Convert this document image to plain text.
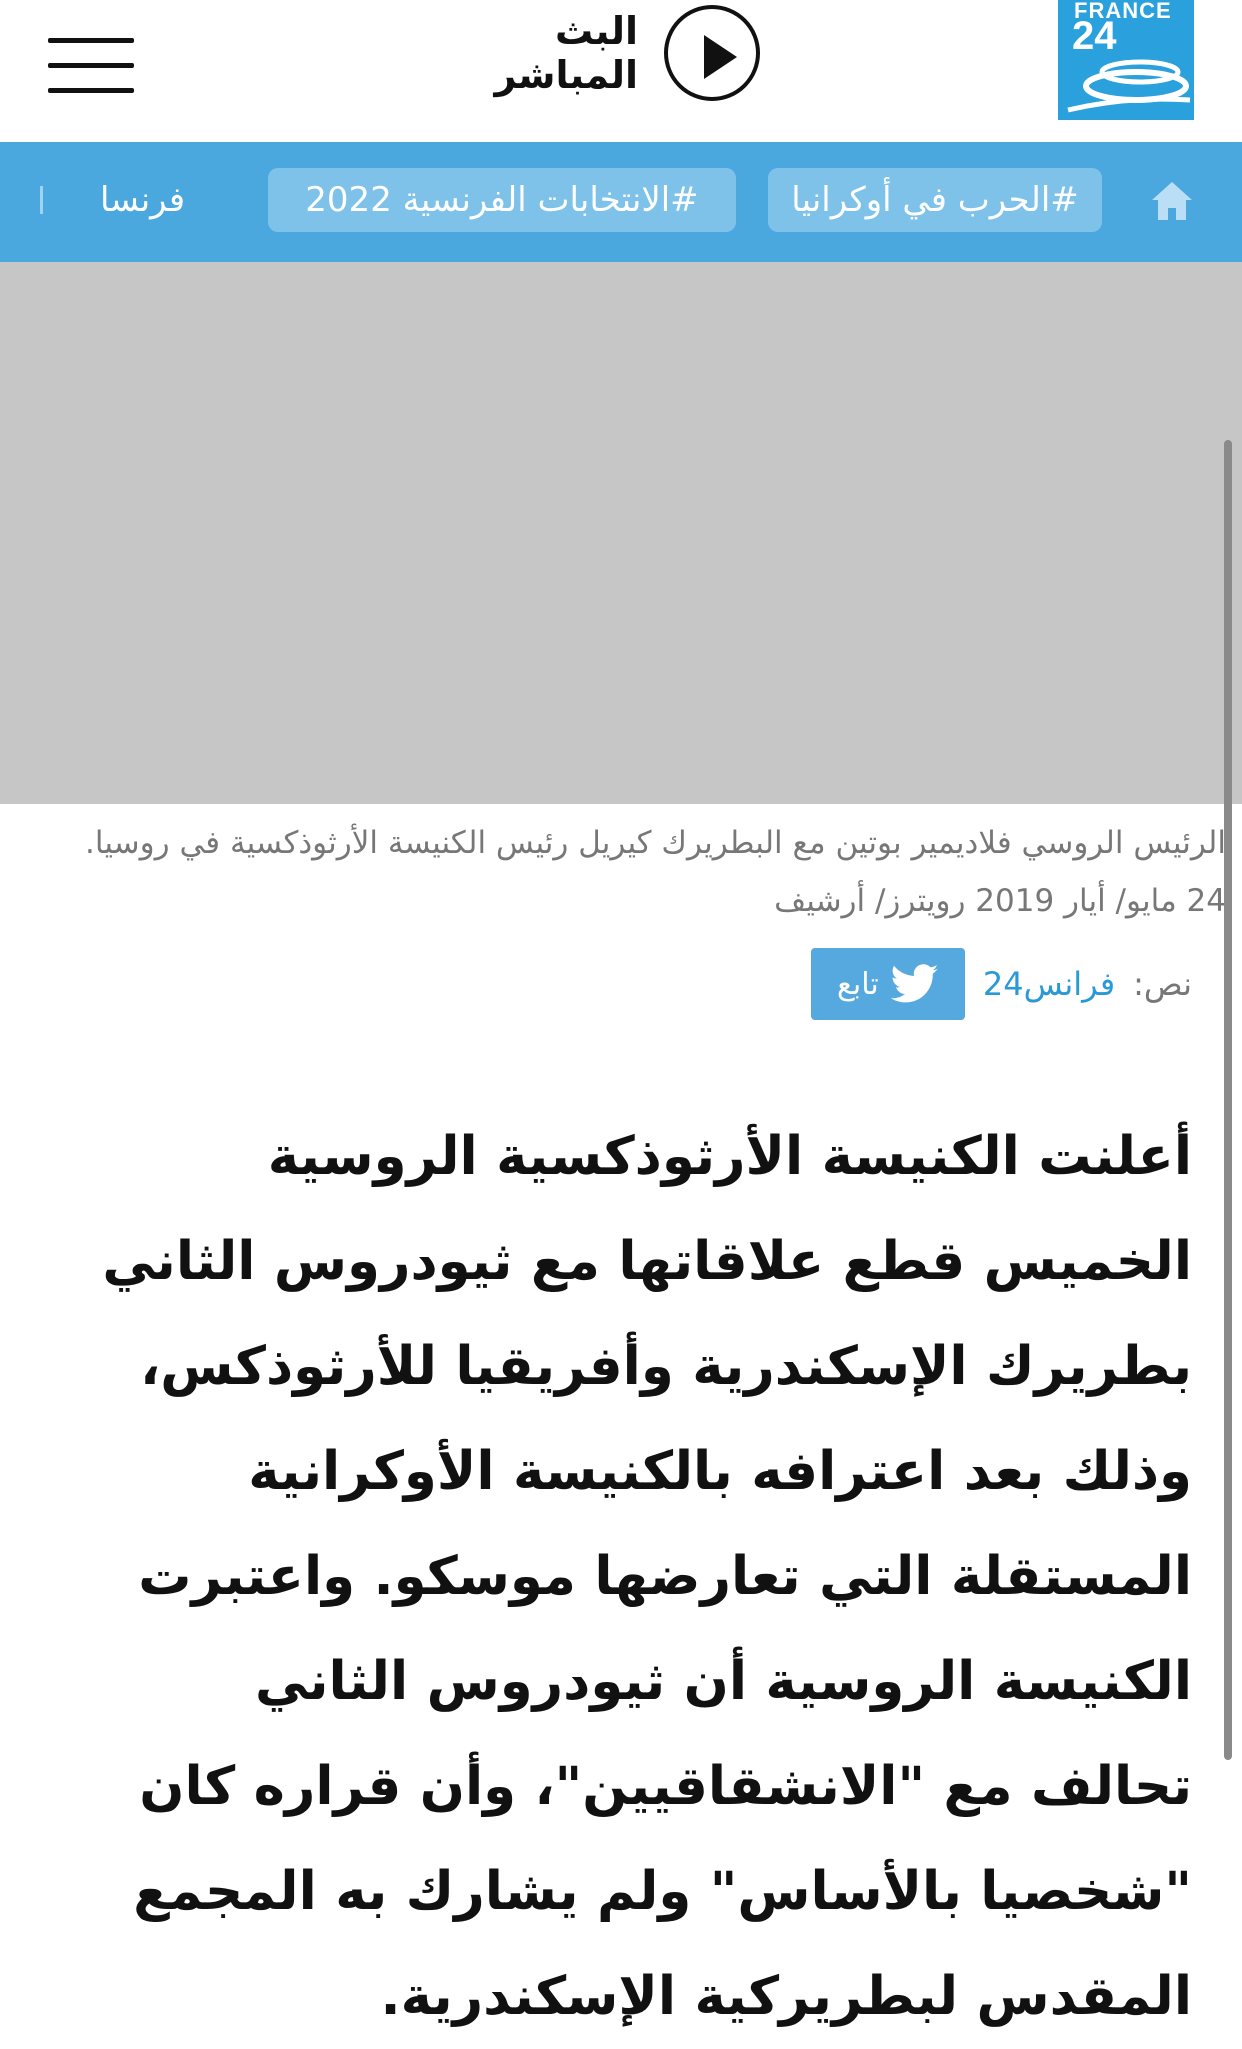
البث المباشر
FRANCE
24
#الحرب في أوكرانيا
#الانتخابات الفرنسية 2022
فرنسا
الرئيس الروسي فلاديمير بوتين مع البطريرك كيريل رئيس الكنيسة الأرثوذكسية في روسيا. 24 مايو/ أيار 2019 رويترز/ أرشيف
نص:
فرانس24
تابع
أعلنت الكنيسة الأرثوذكسية الروسية الخميس قطع علاقاتها مع ثيودروس الثاني بطريرك الإسكندرية وأفريقيا للأرثوذكس، وذلك بعد اعترافه بالكنيسة الأوكرانية المستقلة التي تعارضها موسكو. واعتبرت الكنيسة الروسية أن ثيودروس الثاني تحالف مع "الانشقاقيين"، وأن قراره كان "شخصيا بالأساس" ولم يشارك به المجمع المقدس لبطريركية الإسكندرية.
